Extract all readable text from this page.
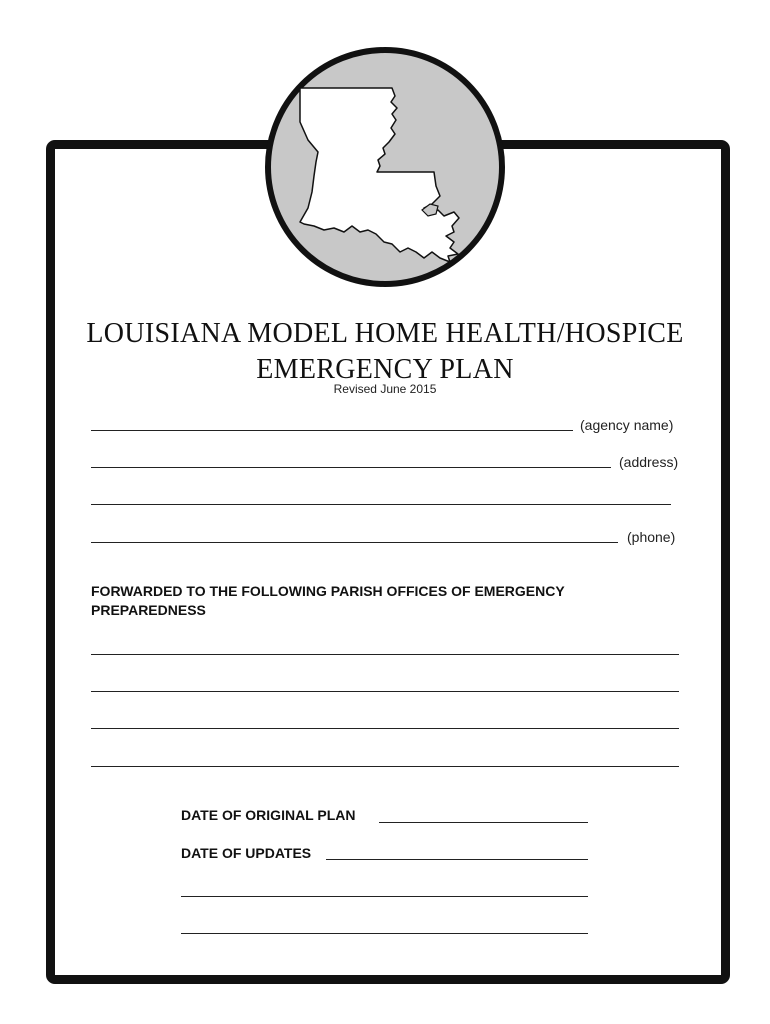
LOUISIANA MODEL HOME HEALTH/HOSPICE
EMERGENCY PLAN
Revised June 2015
(agency name)
(address)
(phone)
FORWARDED TO THE FOLLOWING PARISH OFFICES OF EMERGENCY PREPAREDNESS
DATE OF ORIGINAL PLAN
DATE OF UPDATES
